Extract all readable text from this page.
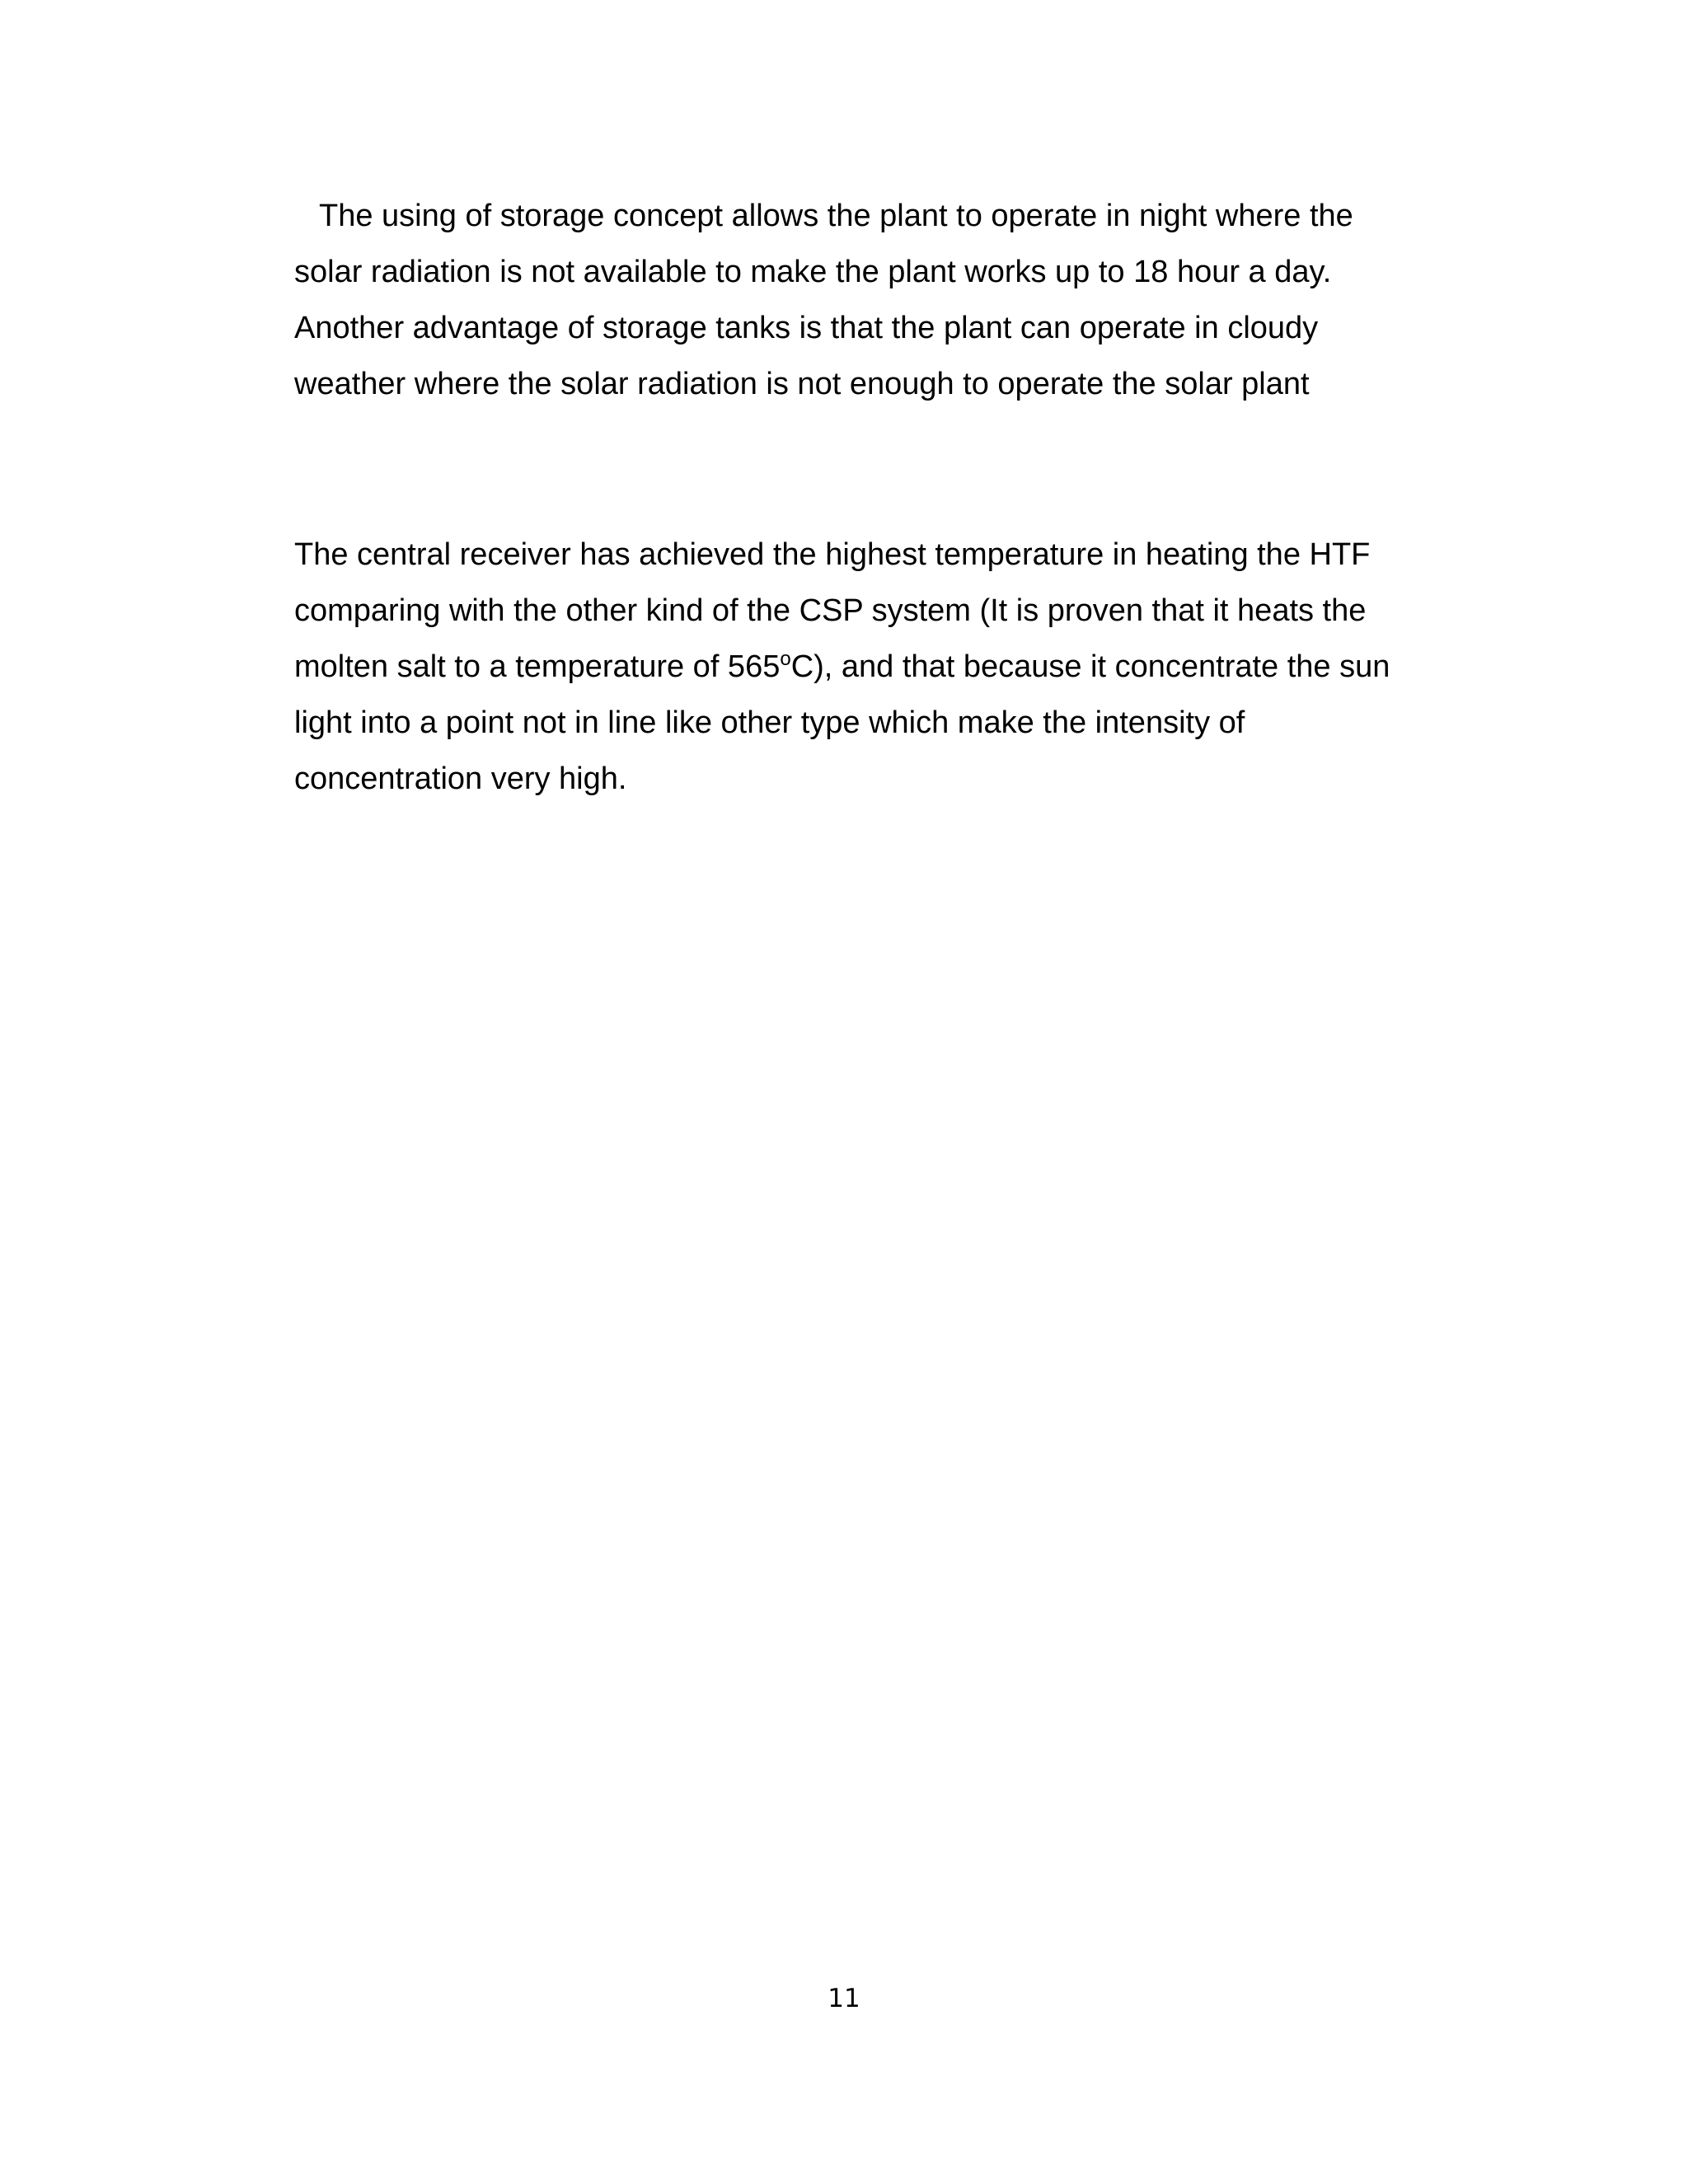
The using of storage concept allows the plant to operate in night where the
solar radiation is not available to make the plant works up to 18 hour a day.
Another advantage of storage tanks is that the plant can operate in cloudy
weather where the solar radiation is not enough to operate the solar plant

The central receiver has achieved the highest temperature in heating the HTF
comparing with the other kind of the CSP system (It is proven that it heats the
molten salt to a temperature of 565$^o$C), and that because it concentrate the sun
light into a point not in line like other type which make the intensity of
concentration very high.

11
